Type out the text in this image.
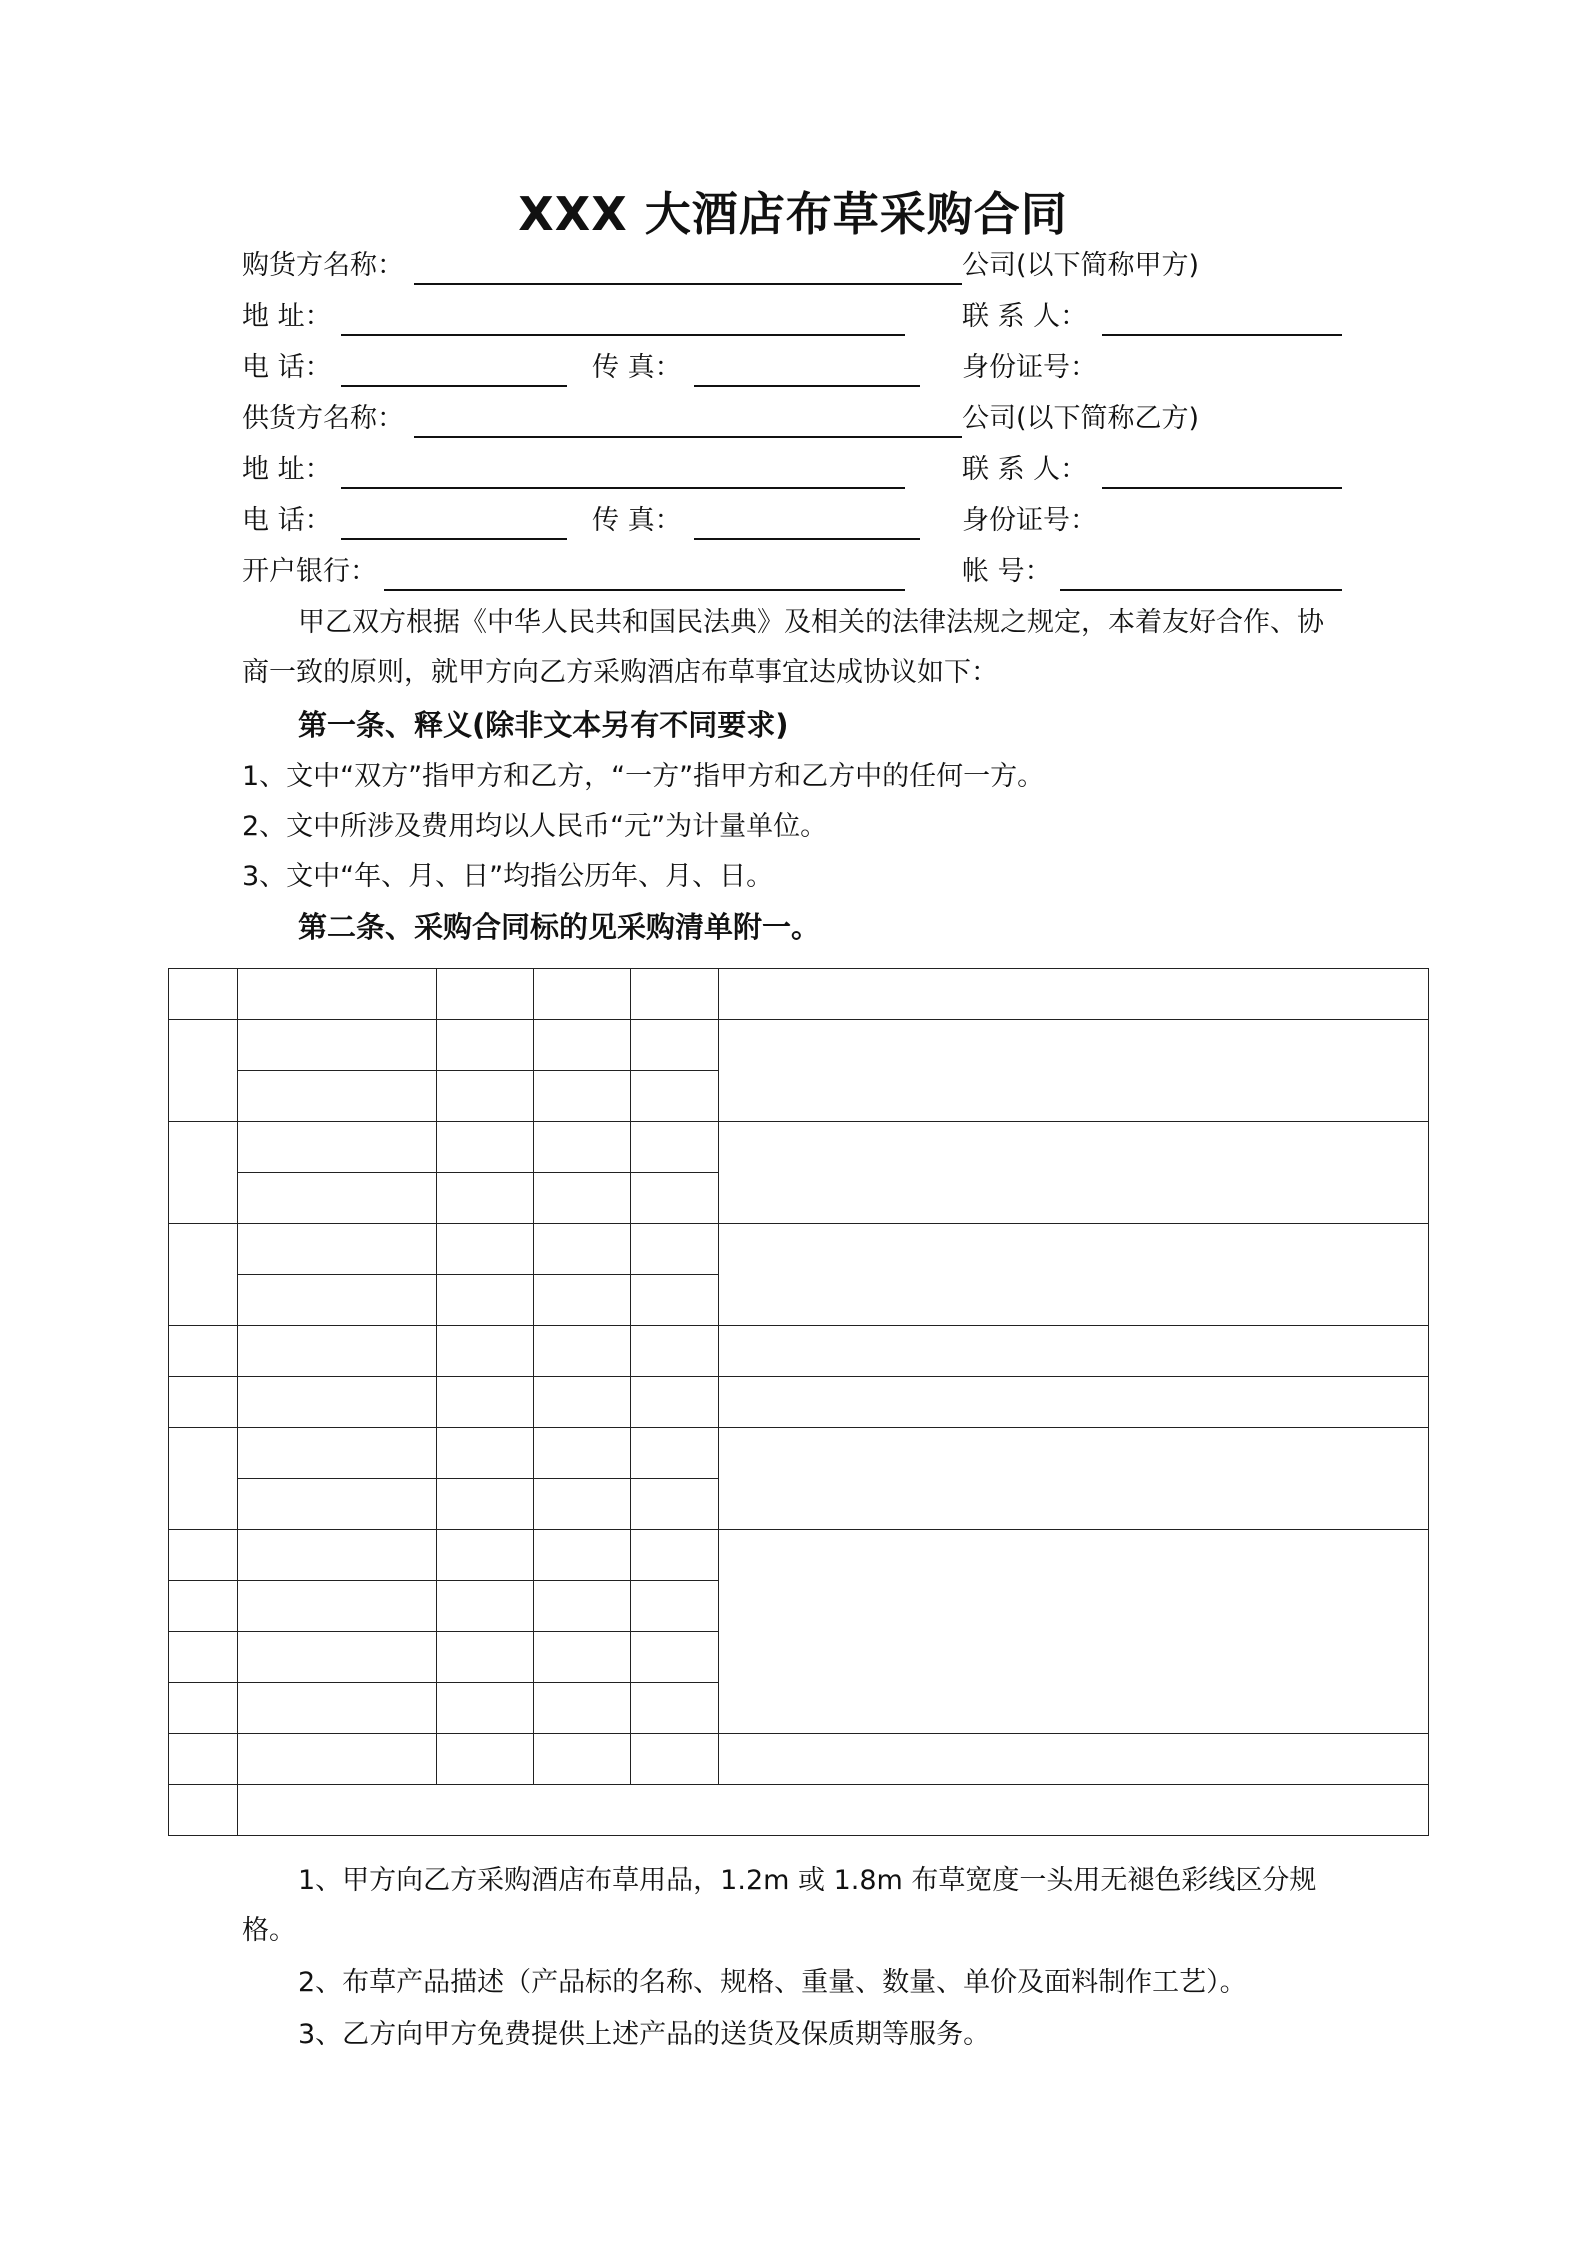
XXX 大酒店布草采购合同
购货方名称：	公司(以下简称甲方)
地 址：	联 系 人：
电 话：	传 真：	身份证号：
供货方名称：	公司(以下简称乙方)
地 址：	联 系 人：
电 话：	传 真：	身份证号：
开户银行：	帐 号：
甲乙双方根据《中华人民共和国民法典》及相关的法律法规之规定，本着友好合作、协
商一致的原则，就甲方向乙方采购酒店布草事宜达成协议如下：
第一条、释义(除非文本另有不同要求)
1、文中“双方”指甲方和乙方，“一方”指甲方和乙方中的任何一方。
2、文中所涉及费用均以人民币“元”为计量单位。
3、文中“年、月、日”均指公历年、月、日。
第二条、采购合同标的见采购清单附一。

1、甲方向乙方采购酒店布草用品，1.2m 或 1.8m 布草宽度一头用无褪色彩线区分规
格。
2、布草产品描述（产品标的名称、规格、重量、数量、单价及面料制作工艺）。
3、乙方向甲方免费提供上述产品的送货及保质期等服务。
